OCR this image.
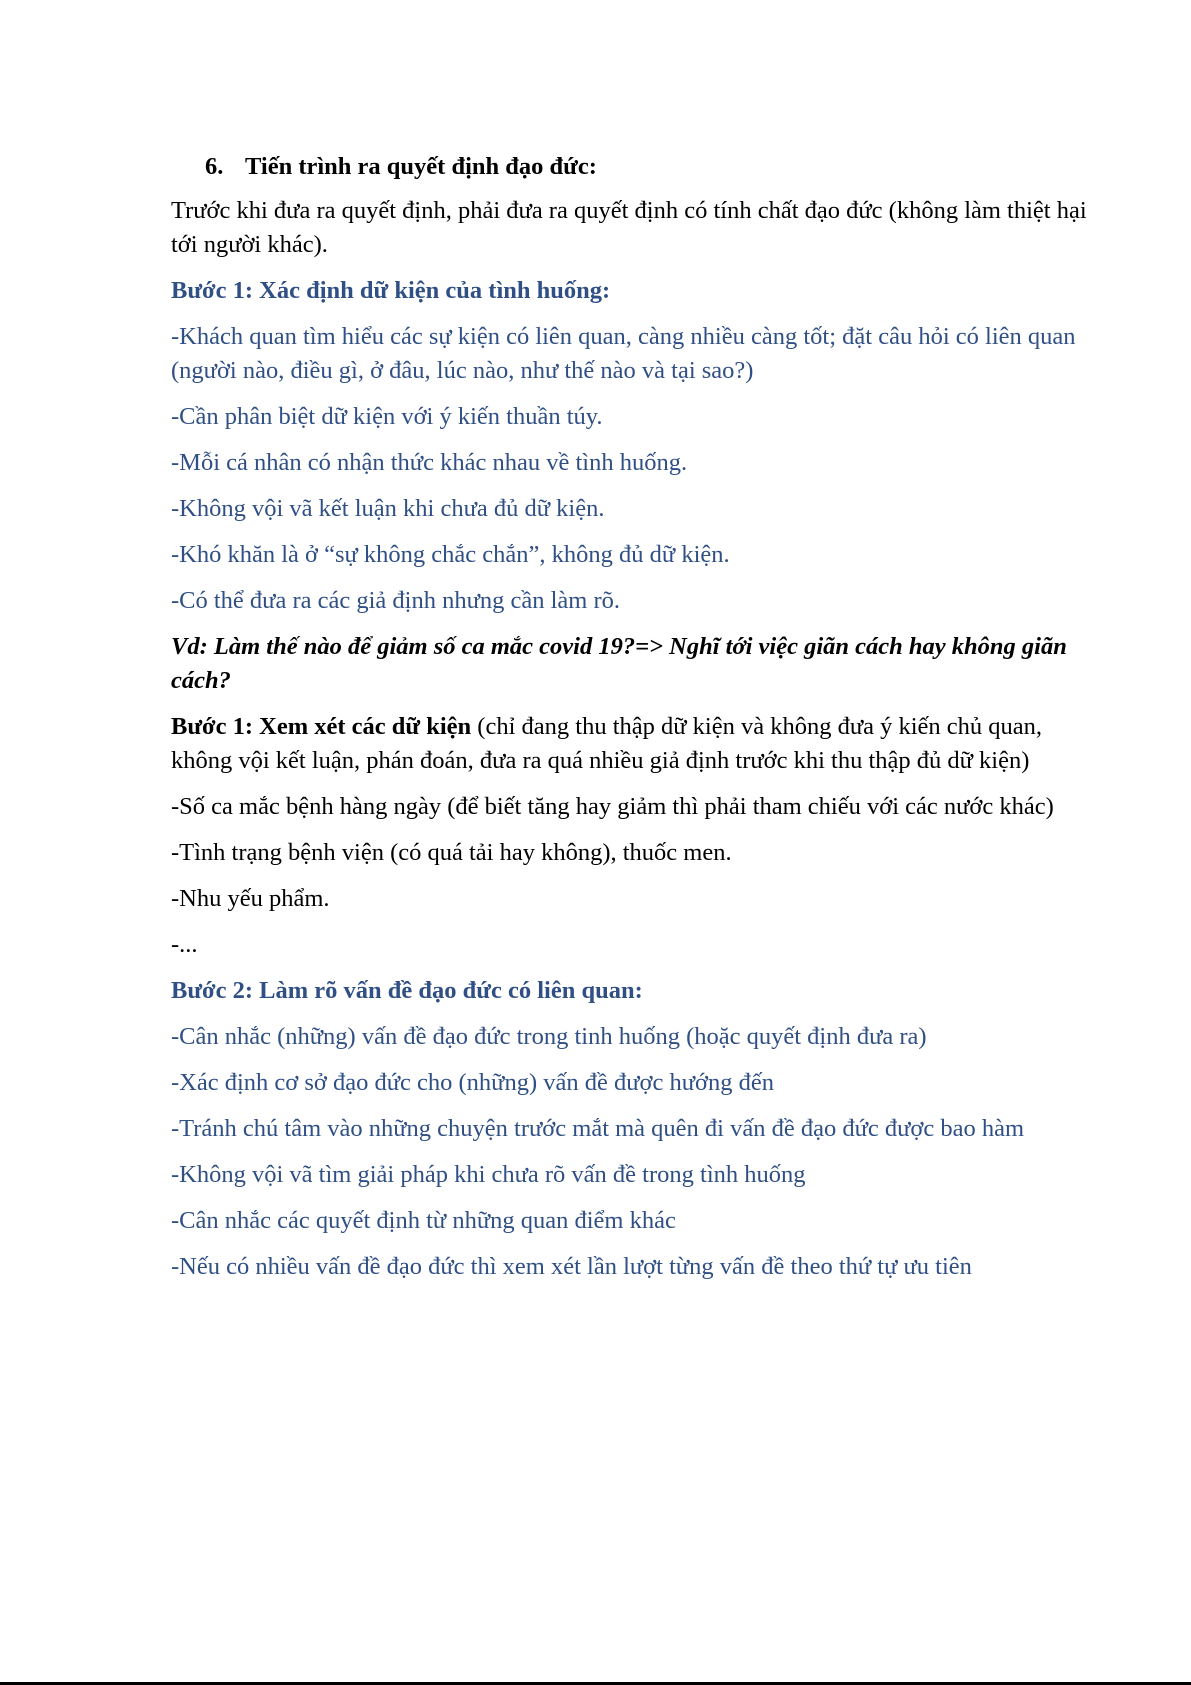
6. Tiến trình ra quyết định đạo đức:
Trước khi đưa ra quyết định, phải đưa ra quyết định có tính chất đạo đức (không làm thiệt hại tới người khác).
Bước 1: Xác định dữ kiện của tình huống:
-Khách quan tìm hiểu các sự kiện có liên quan, càng nhiều càng tốt; đặt câu hỏi có liên quan (người nào, điều gì, ở đâu, lúc nào, như thế nào và tại sao?)
-Cần phân biệt dữ kiện với ý kiến thuần túy.
-Mỗi cá nhân có nhận thức khác nhau về tình huống.
-Không vội vã kết luận khi chưa đủ dữ kiện.
-Khó khăn là ở “sự không chắc chắn”, không đủ dữ kiện.
-Có thể đưa ra các giả định nhưng cần làm rõ.
Vd: Làm thế nào để giảm số ca mắc covid 19?=> Nghĩ tới việc giãn cách hay không giãn cách?
Bước 1: Xem xét các dữ kiện (chỉ đang thu thập dữ kiện và không đưa ý kiến chủ quan, không vội kết luận, phán đoán, đưa ra quá nhiều giả định trước khi thu thập đủ dữ kiện)
-Số ca mắc bệnh hàng ngày (để biết tăng hay giảm thì phải tham chiếu với các nước khác)
-Tình trạng bệnh viện (có quá tải hay không), thuốc men.
-Nhu yếu phẩm.
-...
Bước 2: Làm rõ vấn đề đạo đức có liên quan:
-Cân nhắc (những) vấn đề đạo đức trong tinh huống (hoặc quyết định đưa ra)
-Xác định cơ sở đạo đức cho (những) vấn đề được hướng đến
-Tránh chú tâm vào những chuyện trước mắt mà quên đi vấn đề đạo đức được bao hàm
-Không vội vã tìm giải pháp khi chưa rõ vấn đề trong tình huống
-Cân nhắc các quyết định từ những quan điểm khác
-Nếu có nhiều vấn đề đạo đức thì xem xét lần lượt từng vấn đề theo thứ tự ưu tiên
